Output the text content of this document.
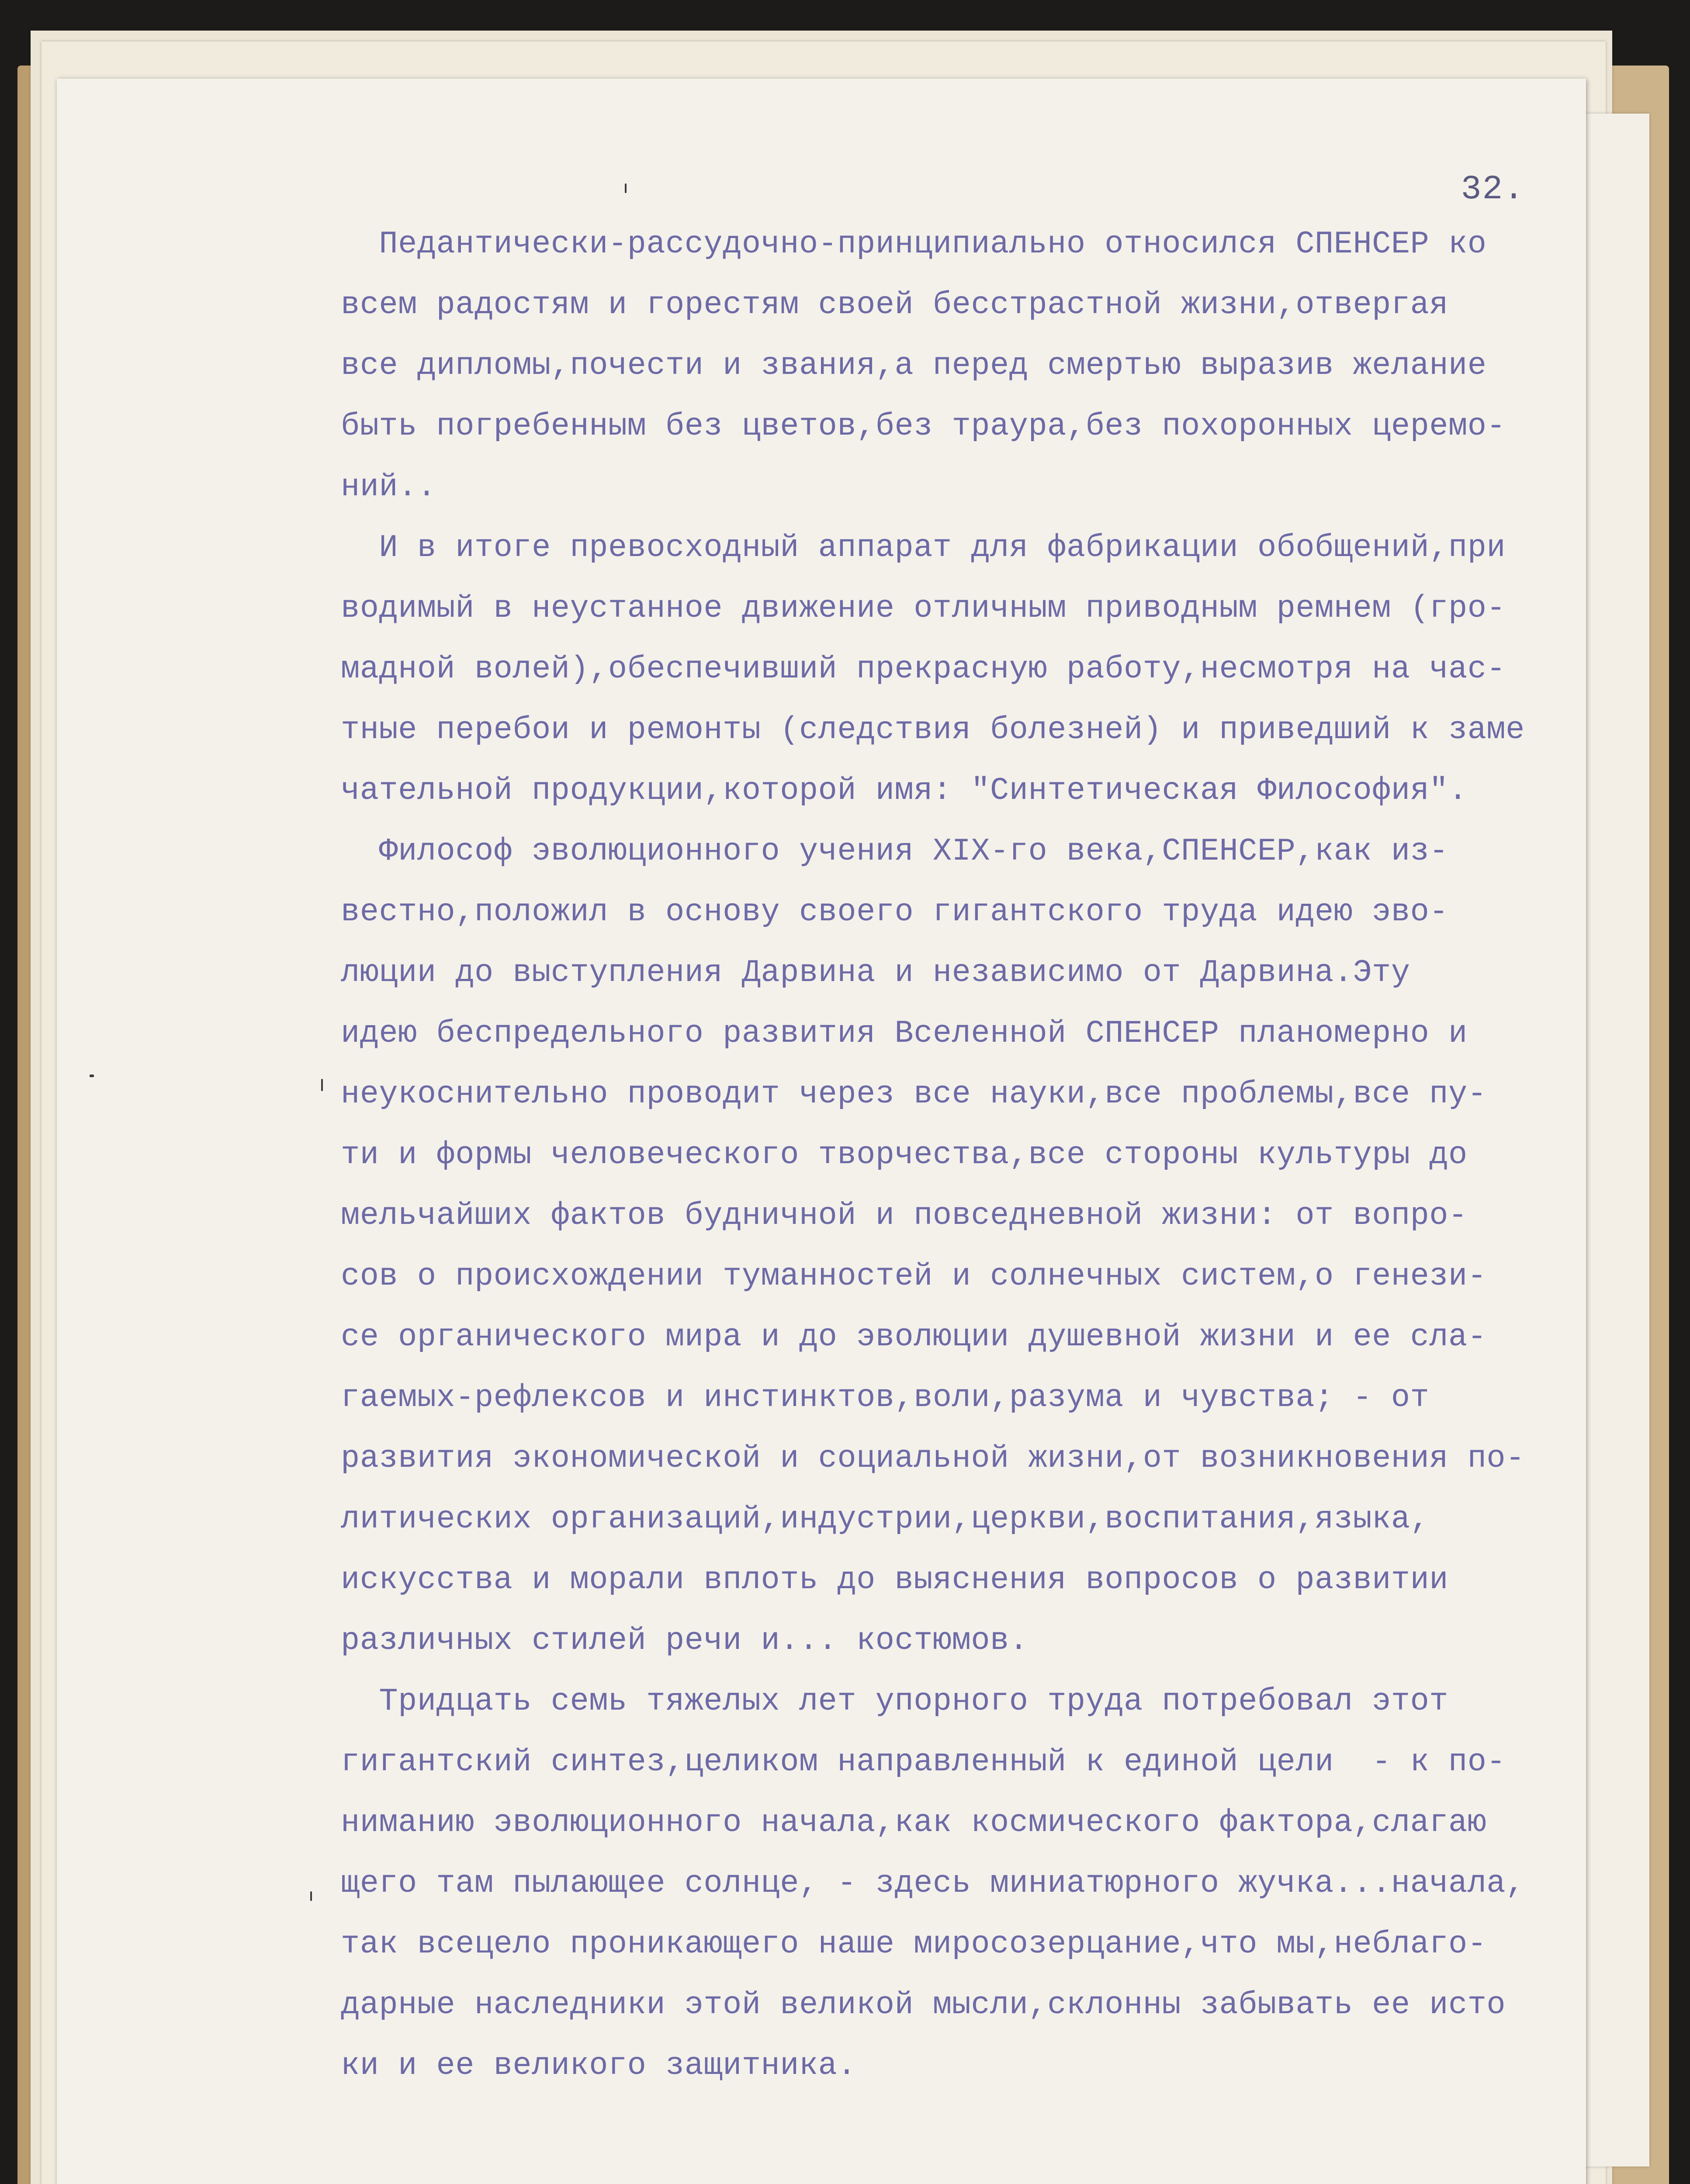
32.
Педантически-рассудочно-принципиально относился СПЕНСЕР ко
всем радостям и горестям своей бесстрастной жизни,отвергая
все дипломы,почести и звания,а перед смертью выразив желание
быть погребенным без цветов,без траура,без похоронных церемо-
ний..
И в итоге превосходный аппарат для фабрикации обобщений,при
водимый в неустанное движение отличным приводным ремнем (гро-
мадной волей),обеспечивший прекрасную работу,несмотря на час-
тные перебои и ремонты (следствия болезней) и приведший к заме
чательной продукции,которой имя: "Синтетическая Философия".
Философ эволюционного учения XIX-го века,СПЕНСЕР,как из-
вестно,положил в основу своего гигантского труда идею эво-
люции до выступления Дарвина и независимо от Дарвина.Эту
идею беспредельного развития Вселенной СПЕНСЕР планомерно и
неукоснительно проводит через все науки,все проблемы,все пу-
ти и формы человеческого творчества,все стороны культуры до
мельчайших фактов будничной и повседневной жизни: от вопро-
сов о происхождении туманностей и солнечных систем,о генези-
се органического мира и до эволюции душевной жизни и ее сла-
гаемых-рефлексов и инстинктов,воли,разума и чувства; - от
развития экономической и социальной жизни,от возникновения по-
литических организаций,индустрии,церкви,воспитания,языка,
искусства и морали вплоть до выяснения вопросов о развитии
различных стилей речи и... костюмов.
Тридцать семь тяжелых лет упорного труда потребовал этот
гигантский синтез,целиком направленный к единой цели  - к по-
ниманию эволюционного начала,как космического фактора,слагаю
щего там пылающее солнце, - здесь миниатюрного жучка...начала,
так всецело проникающего наше миросозерцание,что мы,неблаго-
дарные наследники этой великой мысли,склонны забывать ее исто
ки и ее великого защитника.
